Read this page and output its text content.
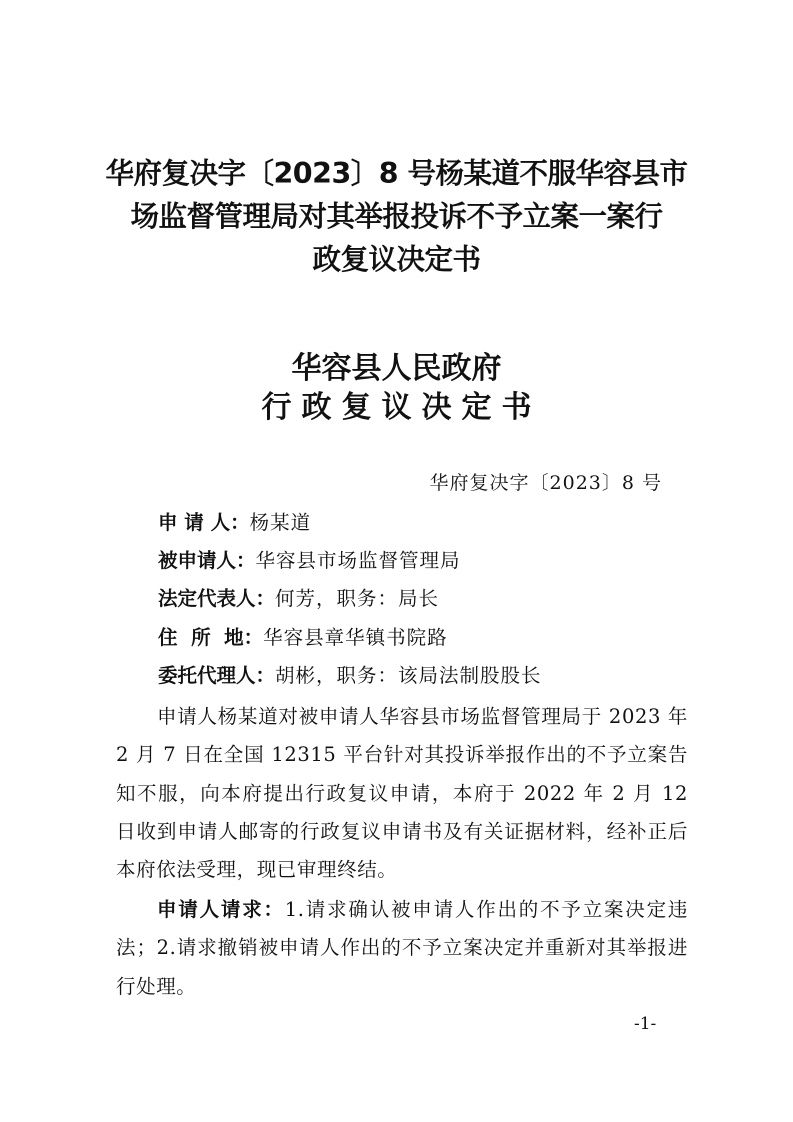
华府复决字〔2023〕8 号杨某道不服华容县市
场监督管理局对其举报投诉不予立案一案行
政复议决定书
华容县人民政府
行政复议决定书
华府复决字〔2023〕8 号
申 请 人：杨某道
被申请人：华容县市场监督管理局
法定代表人：何芳，职务：局长
住  所  地：华容县章华镇书院路
委托代理人：胡彬，职务：该局法制股股长
申请人杨某道对被申请人华容县市场监督管理局于 2023 年 2 月 7 日在全国 12315 平台针对其投诉举报作出的不予立案告知不服，向本府提出行政复议申请，本府于 2022 年 2 月 12 日收到申请人邮寄的行政复议申请书及有关证据材料，经补正后本府依法受理，现已审理终结。
申请人请求：1.请求确认被申请人作出的不予立案决定违法；2.请求撤销被申请人作出的不予立案决定并重新对其举报进行处理。
-1-
